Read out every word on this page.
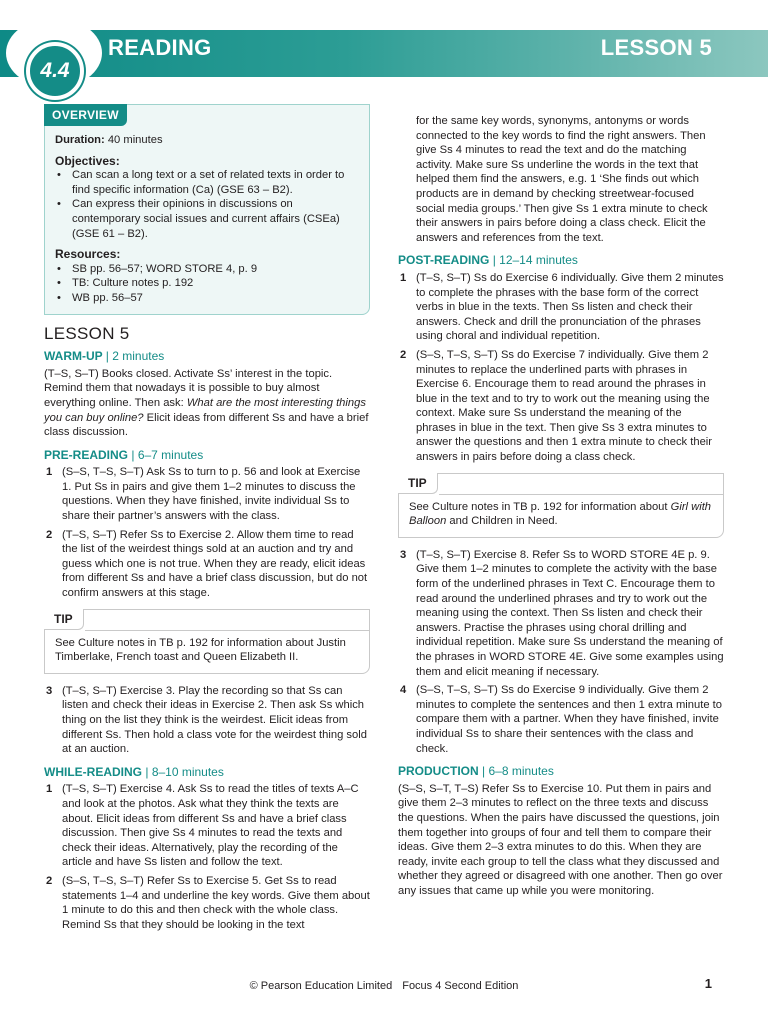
4.4
READING	LESSON 5
OVERVIEW
Duration: 40 minutes
Objectives:
• Can scan a long text or a set of related texts in order to find specific information (Ca) (GSE 63 – B2).
• Can express their opinions in discussions on contemporary social issues and current affairs (CSEa) (GSE 61 – B2).
Resources:
• SB pp. 56–57; WORD STORE 4, p. 9
• TB: Culture notes p. 192
• WB pp. 56–57
LESSON 5
WARM-UP | 2 minutes
(T–S, S–T) Books closed. Activate Ss’ interest in the topic. Remind them that nowadays it is possible to buy almost everything online. Then ask: What are the most interesting things you can buy online? Elicit ideas from different Ss and have a brief class discussion.
PRE-READING | 6–7 minutes
1 (S–S, T–S, S–T) Ask Ss to turn to p. 56 and look at Exercise 1. Put Ss in pairs and give them 1–2 minutes to discuss the questions. When they have finished, invite individual Ss to share their partner’s answers with the class.
2 (T–S, S–T) Refer Ss to Exercise 2. Allow them time to read the list of the weirdest things sold at an auction and try and guess which one is not true. When they are ready, elicit ideas from different Ss and have a brief class discussion, but do not confirm answers at this stage.
TIP
See Culture notes in TB p. 192 for information about Justin Timberlake, French toast and Queen Elizabeth II.
3 (T–S, S–T) Exercise 3. Play the recording so that Ss can listen and check their ideas in Exercise 2. Then ask Ss which thing on the list they think is the weirdest. Elicit ideas from different Ss. Then hold a class vote for the weirdest thing sold at an auction.
WHILE-READING | 8–10 minutes
1 (T–S, S–T) Exercise 4. Ask Ss to read the titles of texts A–C and look at the photos. Ask what they think the texts are about. Elicit ideas from different Ss and have a brief class discussion. Then give Ss 4 minutes to read the texts and check their ideas. Alternatively, play the recording of the article and have Ss listen and follow the text.
2 (S–S, T–S, S–T) Refer Ss to Exercise 5. Get Ss to read statements 1–4 and underline the key words. Give them about 1 minute to do this and then check with the whole class. Remind Ss that they should be looking in the text
for the same key words, synonyms, antonyms or words connected to the key words to find the right answers. Then give Ss 4 minutes to read the text and do the matching activity. Make sure Ss underline the words in the text that helped them find the answers, e.g. 1 ‘She finds out which products are in demand by checking streetwear-focused social media groups.’ Then give Ss 1 extra minute to check their answers in pairs before doing a class check. Elicit the answers and references from the text.
POST-READING | 12–14 minutes
1 (T–S, S–T) Ss do Exercise 6 individually. Give them 2 minutes to complete the phrases with the base form of the correct verbs in blue in the texts. Then Ss listen and check their answers. Check and drill the pronunciation of the phrases using choral and individual repetition.
2 (S–S, T–S, S–T) Ss do Exercise 7 individually. Give them 2 minutes to replace the underlined parts with phrases in Exercise 6. Encourage them to read around the phrases in blue in the text and to try to work out the meaning using the context. Make sure Ss understand the meaning of the phrases in blue in the text. Then give Ss 3 extra minutes to answer the questions and then 1 extra minute to check their answers in pairs before doing a class check.
TIP
See Culture notes in TB p. 192 for information about Girl with Balloon and Children in Need.
3 (T–S, S–T) Exercise 8. Refer Ss to WORD STORE 4E p. 9. Give them 1–2 minutes to complete the activity with the base form of the underlined phrases in Text C. Encourage them to read around the underlined phrases and try to work out the meaning using the context. Then Ss listen and check their answers. Practise the phrases using choral drilling and individual repetition. Make sure Ss understand the meaning of the phrases in WORD STORE 4E. Give some examples using them and elicit meaning if necessary.
4 (S–S, T–S, S–T) Ss do Exercise 9 individually. Give them 2 minutes to complete the sentences and then 1 extra minute to compare them with a partner. When they have finished, invite individual Ss to share their sentences with the class and check.
PRODUCTION | 6–8 minutes
(S–S, S–T, T–S) Refer Ss to Exercise 10. Put them in pairs and give them 2–3 minutes to reflect on the three texts and discuss the questions. When the pairs have discussed the questions, join them together into groups of four and tell them to compare their ideas. Give them 2–3 extra minutes to do this. When they are ready, invite each group to tell the class what they discussed and whether they agreed or disagreed with one another. Then go over any issues that came up while you were monitoring.
© Pearson Education Limited Focus 4 Second Edition	1
